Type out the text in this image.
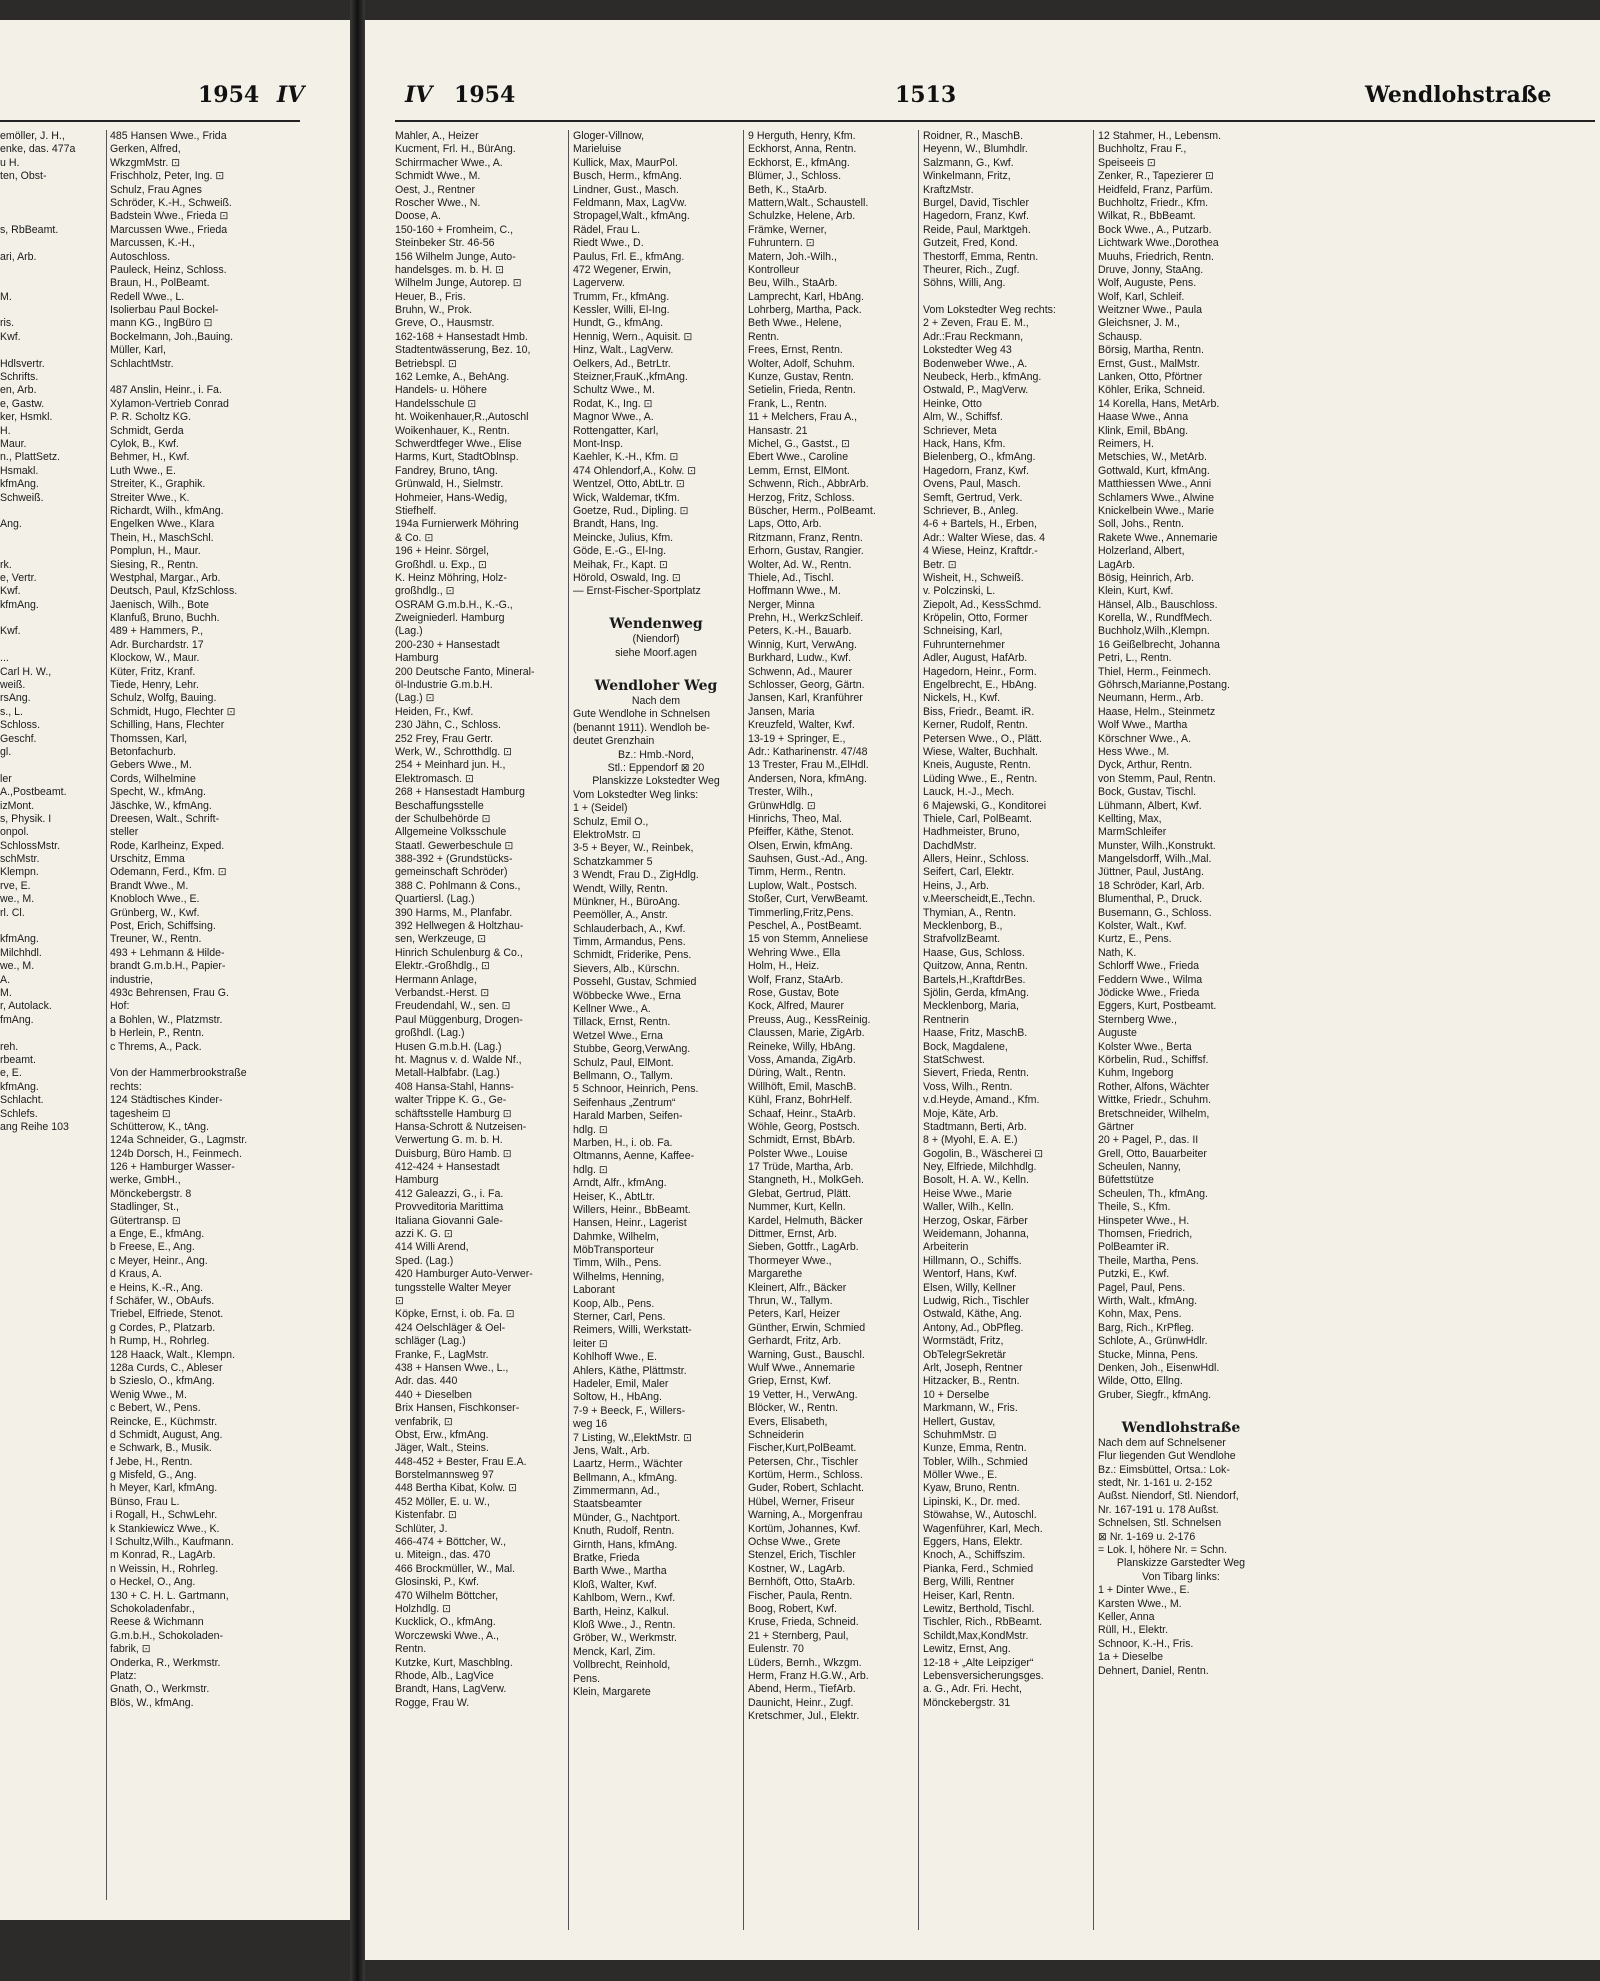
1954 IV
emöller, J. H.,
enke, das. 477a
u H.
ten, Obst-
s, RbBeamt.
ari, Arb.
M.
ris.
Kwf.
Hdlsvertr.
Schrifts.
en, Arb.
e, Gastw.
ker, Hsmkl.
H.
Maur.
n., PlattSetz.
Hsmakl.
kfmAng.
Schweiß.
Ang.
rk.
e, Vertr.
Kwf.
kfmAng.
Kwf.
...
Carl H. W.,
weiß.
rsAng.
s., L.
Schloss.
Geschf.
gl.
ler
A.,Postbeamt.
izMont.
s, Physik. I
onpol.
SchlossMstr.
schMstr.
Klempn.
rve, E.
we., M.
rl. Cl.
kfmAng.
Milchhdl.
we., M.
A.
M.
r, Autolack.
fmAng.
reh.
rbeamt.
e, E.
kfmAng.
Schlacht.
Schlefs.
ang Reihe 103
485 Hansen Wwe., Frida
Gerken, Alfred,
WkzgmMstr. ⊡
Frischholz, Peter, Ing. ⊡
Schulz, Frau Agnes
Schröder, K.-H., Schweiß.
Badstein Wwe., Frieda ⊡
Marcussen Wwe., Frieda
Marcussen, K.-H.,
Autoschloss.
Pauleck, Heinz, Schloss.
Braun, H., PolBeamt.
Redell Wwe., L.
Isolierbau Paul Bockel-
mann KG., IngBüro ⊡
Bockelmann, Joh.,Bauing.
Müller, Karl,
SchlachtMstr.
487 Anslin, Heinr., i. Fa.
Xylamon-Vertrieb Conrad
P. R. Scholtz KG.
Schmidt, Gerda
Cylok, B., Kwf.
Behmer, H., Kwf.
Luth Wwe., E.
Streiter, K., Graphik.
Streiter Wwe., K.
Richardt, Wilh., kfmAng.
Engelken Wwe., Klara
Thein, H., MaschSchl.
Pomplun, H., Maur.
Siesing, R., Rentn.
Westphal, Margar., Arb.
Deutsch, Paul, KfzSchloss.
Jaenisch, Wilh., Bote
Klanfuß, Bruno, Buchh.
489 + Hammers, P.,
Adr. Burchardstr. 17
Klockow, W., Maur.
Küter, Fritz, Kranf.
Tiede, Henry, Lehr.
Schulz, Wolfg, Bauing.
Schmidt, Hugo, Flechter ⊡
Schilling, Hans, Flechter
Thomssen, Karl,
Betonfachurb.
Gebers Wwe., M.
Cords, Wilhelmine
Specht, W., kfmAng.
Jäschke, W., kfmAng.
Dreesen, Walt., Schrift-
steller
Rode, Karlheinz, Exped.
Urschitz, Emma
Odemann, Ferd., Kfm. ⊡
Brandt Wwe., M.
Knobloch Wwe., E.
Grünberg, W., Kwf.
Post, Erich, Schiffsing.
Treuner, W., Rentn.
493 + Lehmann & Hilde-
brandt G.m.b.H., Papier-
industrie,
493c Behrensen, Frau G.
Hof:
a Bohlen, W., Platzmstr.
b Herlein, P., Rentn.
c Threms, A., Pack.
Von der Hammerbrookstraße
rechts:
124 Städtisches Kinder-
tagesheim ⊡
Schütterow, K., tAng.
124a Schneider, G., Lagmstr.
124b Dorsch, H., Feinmech.
126 + Hamburger Wasser-
werke, GmbH.,
Mönckebergstr. 8
Stadlinger, St.,
Gütertransp. ⊡
a Enge, E., kfmAng.
b Freese, E., Ang.
c Meyer, Heinr., Ang.
d Kraus, A.
e Heins, K.-R., Ang.
f Schäfer, W., ObAufs.
Triebel, Elfriede, Stenot.
g Cordes, P., Platzarb.
h Rump, H., Rohrleg.
128 Haack, Walt., Klempn.
128a Curds, C., Ableser
b Szieslo, O., kfmAng.
Wenig Wwe., M.
c Bebert, W., Pens.
Reincke, E., Küchmstr.
d Schmidt, August, Ang.
e Schwark, B., Musik.
f Jebe, H., Rentn.
g Misfeld, G., Ang.
h Meyer, Karl, kfmAng.
Bünso, Frau L.
i Rogall, H., SchwLehr.
k Stankiewicz Wwe., K.
l Schultz,Wilh., Kaufmann.
m Konrad, R., LagArb.
n Weissin, H., Rohrleg.
o Heckel, O., Ang.
130 + C. H. L. Gartmann,
Schokoladenfabr.,
Reese & Wichmann
G.m.b.H., Schokoladen-
fabrik, ⊡
Onderka, R., Werkmstr.
Platz:
Gnath, O., Werkmstr.
Blös, W., kfmAng.
IV 1954	1513	Wendlohstraße
Mahler, A., Heizer
Kucment, Frl. H., BürAng.
Schirrmacher Wwe., A.
Schmidt Wwe., M.
Oest, J., Rentner
Roscher Wwe., N.
Doose, A.
150-160 + Fromheim, C.,
Steinbeker Str. 46-56
156 Wilhelm Junge, Auto-
handelsges. m. b. H. ⊡
Wilhelm Junge, Autorep. ⊡
Heuer, B., Fris.
Bruhn, W., Prok.
Greve, O., Hausmstr.
162-168 + Hansestadt Hmb.
Stadtentwässerung, Bez. 10,
Betriebspl. ⊡
162 Lemke, A., BehAng.
Handels- u. Höhere
Handelsschule ⊡
ht. Woikenhauer,R.,Autoschl
Woikenhauer, K., Rentn.
Schwerdtfeger Wwe., Elise
Harms, Kurt, StadtOblnsp.
Fandrey, Bruno, tAng.
Grünwald, H., Sielmstr.
Hohmeier, Hans-Wedig,
Stiefhelf.
194a Furnierwerk Möhring
& Co. ⊡
196 + Heinr. Sörgel,
Großhdl. u. Exp., ⊡
K. Heinz Möhring, Holz-
großhdlg., ⊡
OSRAM G.m.b.H., K.-G.,
Zweigniederl. Hamburg
(Lag.)
200-230 + Hansestadt
Hamburg
200 Deutsche Fanto, Mineral-
öl-Industrie G.m.b.H.
(Lag.) ⊡
Heiden, Fr., Kwf.
230 Jähn, C., Schloss.
252 Frey, Frau Gertr.
Werk, W., Schrotthdlg. ⊡
254 + Meinhard jun. H.,
Elektromasch. ⊡
268 + Hansestadt Hamburg
Beschaffungsstelle
der Schulbehörde ⊡
Allgemeine Volksschule
Staatl. Gewerbeschule ⊡
388-392 + (Grundstücks-
gemeinschaft Schröder)
388 C. Pohlmann & Cons.,
Quartiersl. (Lag.)
390 Harms, M., Planfabr.
392 Hellwegen & Holtzhau-
sen, Werkzeuge, ⊡
Hinrich Schulenburg & Co.,
Elektr.-Großhdlg., ⊡
Hermann Anlage,
Verbandst.-Herst. ⊡
Freudendahl, W., sen. ⊡
Paul Müggenburg, Drogen-
großhdl. (Lag.)
Husen G.m.b.H. (Lag.)
ht. Magnus v. d. Walde Nf.,
Metall-Halbfabr. (Lag.)
408 Hansa-Stahl, Hanns-
walter Trippe K. G., Ge-
schäftsstelle Hamburg ⊡
Hansa-Schrott & Nutzeisen-
Verwertung G. m. b. H.
Duisburg, Büro Hamb. ⊡
412-424 + Hansestadt
Hamburg
412 Galeazzi, G., i. Fa.
Provveditoria Marittima
Italiana Giovanni Gale-
azzi K. G. ⊡
414 Willi Arend,
Sped. (Lag.)
420 Hamburger Auto-Verwer-
tungsstelle Walter Meyer
⊡
Köpke, Ernst, i. ob. Fa. ⊡
424 Oelschläger & Oel-
schläger (Lag.)
Franke, F., LagMstr.
438 + Hansen Wwe., L.,
Adr. das. 440
440 + Dieselben
Brix Hansen, Fischkonser-
venfabrik, ⊡
Obst, Erw., kfmAng.
Jäger, Walt., Steins.
448-452 + Bester, Frau E.A.
Borstelmannsweg 97
448 Bertha Kibat, Kolw. ⊡
452 Möller, E. u. W.,
Kistenfabr. ⊡
Schlüter, J.
466-474 + Böttcher, W.,
u. Miteign., das. 470
466 Brockmüller, W., Mal.
Glosinski, P., Kwf.
470 Wilhelm Böttcher,
Holzhdlg. ⊡
Kucklick, O., kfmAng.
Worczewski Wwe., A.,
Rentn.
Kutzke, Kurt, Maschblng.
Rhode, Alb., LagVice
Brandt, Hans, LagVerw.
Rogge, Frau W.
Gloger-Villnow,
Marieluise
Kullick, Max, MaurPol.
Busch, Herm., kfmAng.
Lindner, Gust., Masch.
Feldmann, Max, LagVw.
Stropagel,Walt., kfmAng.
Rädel, Frau L.
Riedt Wwe., D.
Paulus, Frl. E., kfmAng.
472 Wegener, Erwin,
Lagerverw.
Trumm, Fr., kfmAng.
Kessler, Willi, El-Ing.
Hundt, G., kfmAng.
Hennig, Wern., Aquisit. ⊡
Hinz, Walt., LagVerw.
Oelkers, Ad., BetrLtr.
Steizner,FrauK.,kfmAng.
Schultz Wwe., M.
Rodat, K., Ing. ⊡
Magnor Wwe., A.
Rottengatter, Karl,
Mont-Insp.
Kaehler, K.-H., Kfm. ⊡
474 Ohlendorf,A., Kolw. ⊡
Wentzel, Otto, AbtLtr. ⊡
Wick, Waldemar, tKfm.
Goetze, Rud., Dipling. ⊡
Brandt, Hans, Ing.
Meincke, Julius, Kfm.
Göde, E.-G., El-Ing.
Meihak, Fr., Kapt. ⊡
Hörold, Oswald, Ing. ⊡
— Ernst-Fischer-Sportplatz
Wendenweg
(Niendorf)
siehe Moorf.agen
Wendloher Weg
Nach dem
Gute Wendlohe in Schnelsen
(benannt 1911). Wendloh be-
deutet Grenzhain
Bz.: Hmb.-Nord,
Stl.: Eppendorf ⊠ 20
Planskizze Lokstedter Weg
Vom Lokstedter Weg links:
1 + (Seidel)
Schulz, Emil O.,
ElektroMstr. ⊡
3-5 + Beyer, W., Reinbek,
Schatzkammer 5
3 Wendt, Frau D., ZigHdlg.
Wendt, Willy, Rentn.
Münkner, H., BüroAng.
Peemöller, A., Anstr.
Schlauderbach, A., Kwf.
Timm, Armandus, Pens.
Schmidt, Friderike, Pens.
Sievers, Alb., Kürschn.
Possehl, Gustav, Schmied
Wöbbecke Wwe., Erna
Kellner Wwe., A.
Tillack, Ernst, Rentn.
Wetzel Wwe., Erna
Stubbe, Georg,VerwAng.
Schulz, Paul, ElMont.
Bellmann, O., Tallym.
5 Schnoor, Heinrich, Pens.
Seifenhaus „Zentrum“
Harald Marben, Seifen-
hdlg. ⊡
Marben, H., i. ob. Fa.
Oltmanns, Aenne, Kaffee-
hdlg. ⊡
Arndt, Alfr., kfmAng.
Heiser, K., AbtLtr.
Willers, Heinr., BbBeamt.
Hansen, Heinr., Lagerist
Dahmke, Wilhelm,
MöbTransporteur
Timm, Wilh., Pens.
Wilhelms, Henning,
Laborant
Koop, Alb., Pens.
Sterner, Carl, Pens.
Reimers, Willi, Werkstatt-
leiter ⊡
Kohlhoff Wwe., E.
Ahlers, Käthe, Plättmstr.
Hadeler, Emil, Maler
Soltow, H., HbAng.
7-9 + Beeck, F., Willers-
weg 16
7 Listing, W.,ElektMstr. ⊡
Jens, Walt., Arb.
Laartz, Herm., Wächter
Bellmann, A., kfmAng.
Zimmermann, Ad.,
Staatsbeamter
Münder, G., Nachtport.
Knuth, Rudolf, Rentn.
Girnth, Hans, kfmAng.
Bratke, Frieda
Barth Wwe., Martha
Kloß, Walter, Kwf.
Kahlbom, Wern., Kwf.
Barth, Heinz, Kalkul.
Kloß Wwe., J., Rentn.
Gröber, W., Werkmstr.
Menck, Karl, Zim.
Vollbrecht, Reinhold,
Pens.
Klein, Margarete
9 Herguth, Henry, Kfm.
Eckhorst, Anna, Rentn.
Eckhorst, E., kfmAng.
Blümer, J., Schloss.
Beth, K., StaArb.
Mattern,Walt., Schaustell.
Schulzke, Helene, Arb.
Främke, Werner,
Fuhruntern. ⊡
Matern, Joh.-Wilh.,
Kontrolleur
Beu, Wilh., StaArb.
Lamprecht, Karl, HbAng.
Lohrberg, Martha, Pack.
Beth Wwe., Helene,
Rentn.
Frees, Ernst, Rentn.
Wolter, Adolf, Schuhm.
Kunze, Gustav, Rentn.
Setielin, Frieda, Rentn.
Frank, L., Rentn.
11 + Melchers, Frau A.,
Hansastr. 21
Michel, G., Gastst., ⊡
Ebert Wwe., Caroline
Lemm, Ernst, ElMont.
Schwenn, Rich., AbbrArb.
Herzog, Fritz, Schloss.
Büscher, Herm., PolBeamt.
Laps, Otto, Arb.
Ritzmann, Franz, Rentn.
Erhorn, Gustav, Rangier.
Wolter, Ad. W., Rentn.
Thiele, Ad., Tischl.
Hoffmann Wwe., M.
Nerger, Minna
Prehn, H., WerkzSchleif.
Peters, K.-H., Bauarb.
Winnig, Kurt, VerwAng.
Burkhard, Ludw., Kwf.
Schwenn, Ad., Maurer
Schlosser, Georg, Gärtn.
Jansen, Karl, Kranführer
Jansen, Maria
Kreuzfeld, Walter, Kwf.
13-19 + Springer, E.,
Adr.: Katharinenstr. 47/48
13 Trester, Frau M.,ElHdl.
Andersen, Nora, kfmAng.
Trester, Wilh.,
GrünwHdlg. ⊡
Hinrichs, Theo, Mal.
Pfeiffer, Käthe, Stenot.
Olsen, Erwin, kfmAng.
Sauhsen, Gust.-Ad., Ang.
Timm, Herm., Rentn.
Luplow, Walt., Postsch.
Stoßer, Curt, VerwBeamt.
Timmerling,Fritz,Pens.
Peschel, A., PostBeamt.
15 von Stemm, Anneliese
Wehring Wwe., Ella
Holm, H., Heiz.
Wolf, Franz, StaArb.
Rose, Gustav, Bote
Kock, Alfred, Maurer
Preuss, Aug., KessReinig.
Claussen, Marie, ZigArb.
Reineke, Willy, HbAng.
Voss, Amanda, ZigArb.
Düring, Walt., Rentn.
Willhöft, Emil, MaschB.
Kühl, Franz, BohrHelf.
Schaaf, Heinr., StaArb.
Wöhle, Georg, Postsch.
Schmidt, Ernst, BbArb.
Polster Wwe., Louise
17 Trüde, Martha, Arb.
Stangneth, H., MolkGeh.
Glebat, Gertrud, Plätt.
Nummer, Kurt, Kelln.
Kardel, Helmuth, Bäcker
Dittmer, Ernst, Arb.
Sieben, Gottfr., LagArb.
Thormeyer Wwe.,
Margarethe
Kleinert, Alfr., Bäcker
Thrun, W., Tallym.
Peters, Karl, Heizer
Günther, Erwin, Schmied
Gerhardt, Fritz, Arb.
Warning, Gust., Bauschl.
Wulf Wwe., Annemarie
Griep, Ernst, Kwf.
19 Vetter, H., VerwAng.
Blöcker, W., Rentn.
Evers, Elisabeth,
Schneiderin
Fischer,Kurt,PolBeamt.
Petersen, Chr., Tischler
Kortüm, Herm., Schloss.
Guder, Robert, Schlacht.
Hübel, Werner, Friseur
Warning, A., Morgenfrau
Kortüm, Johannes, Kwf.
Ochse Wwe., Grete
Stenzel, Erich, Tischler
Kostner, W., LagArb.
Bernhöft, Otto, StaArb.
Fischer, Paula, Rentn.
Boog, Robert, Kwf.
Kruse, Frieda, Schneid.
21 + Sternberg, Paul,
Eulenstr. 70
Lüders, Bernh., Wkzgm.
Herm, Franz H.G.W., Arb.
Abend, Herm., TiefArb.
Daunicht, Heinr., Zugf.
Kretschmer, Jul., Elektr.
Roidner, R., MaschB.
Heyenn, W., Blumhdlr.
Salzmann, G., Kwf.
Winkelmann, Fritz,
KraftzMstr.
Burgel, David, Tischler
Hagedorn, Franz, Kwf.
Reide, Paul, Marktgeh.
Gutzeit, Fred, Kond.
Thestorff, Emma, Rentn.
Theurer, Rich., Zugf.
Söhns, Willi, Ang.
Vom Lokstedter Weg rechts:
2 + Zeven, Frau E. M.,
Adr.:Frau Reckmann,
Lokstedter Weg 43
Bodenweber Wwe., A.
Neubeck, Herb., kfmAng.
Ostwald, P., MagVerw.
Heinke, Otto
Alm, W., Schiffsf.
Schriever, Meta
Hack, Hans, Kfm.
Bielenberg, O., kfmAng.
Hagedorn, Franz, Kwf.
Ovens, Paul, Masch.
Semft, Gertrud, Verk.
Schriever, B., Anleg.
4-6 + Bartels, H., Erben,
Adr.: Walter Wiese, das. 4
4 Wiese, Heinz, Kraftdr.-
Betr. ⊡
Wisheit, H., Schweiß.
v. Polczinski, L.
Ziepolt, Ad., KessSchmd.
Kröpelin, Otto, Former
Schneising, Karl,
Fuhrunternehmer
Adler, August, HafArb.
Hagedorn, Heinr., Form.
Engelbrecht, E., HbAng.
Nickels, H., Kwf.
Biss, Friedr., Beamt. iR.
Kerner, Rudolf, Rentn.
Petersen Wwe., O., Plätt.
Wiese, Walter, Buchhalt.
Kneis, Auguste, Rentn.
Lüding Wwe., E., Rentn.
Lauck, H.-J., Mech.
6 Majewski, G., Konditorei
Thiele, Carl, PolBeamt.
Hadhmeister, Bruno,
DachdMstr.
Allers, Heinr., Schloss.
Seifert, Carl, Elektr.
Heins, J., Arb.
v.Meerscheidt,E.,Techn.
Thymian, A., Rentn.
Mecklenborg, B.,
StrafvollzBeamt.
Haase, Gus, Schloss.
Quitzow, Anna, Rentn.
Bartels,H.,KraftdrBes.
Sjölin, Gerda, kfmAng.
Mecklenborg, Maria,
Rentnerin
Haase, Fritz, MaschB.
Bock, Magdalene,
StatSchwest.
Sievert, Frieda, Rentn.
Voss, Wilh., Rentn.
v.d.Heyde, Amand., Kfm.
Moje, Käte, Arb.
Stadtmann, Berti, Arb.
8 + (Myohl, E. A. E.)
Gogolin, B., Wäscherei ⊡
Ney, Elfriede, Milchhdlg.
Bosolt, H. A. W., Kelln.
Heise Wwe., Marie
Waller, Wilh., Kelln.
Herzog, Oskar, Färber
Weidemann, Johanna,
Arbeiterin
Hillmann, O., Schiffs.
Wentorf, Hans, Kwf.
Elsen, Willy, Kellner
Ludwig, Rich., Tischler
Ostwald, Käthe, Ang.
Antony, Ad., ObPfleg.
Wormstädt, Fritz,
ObTelegrSekretär
Arlt, Joseph, Rentner
Hitzacker, B., Rentn.
10 + Derselbe
Markmann, W., Fris.
Hellert, Gustav,
SchuhmMstr. ⊡
Kunze, Emma, Rentn.
Tobler, Wilh., Schmied
Möller Wwe., E.
Kyaw, Bruno, Rentn.
Lipinski, K., Dr. med.
Stöwahse, W., Autoschl.
Wagenführer, Karl, Mech.
Eggers, Hans, Elektr.
Knoch, A., Schiffszim.
Pianka, Ferd., Schmied
Berg, Willi, Rentner
Heiser, Karl, Rentn.
Lewitz, Berthold, Tischl.
Tischler, Rich., RbBeamt.
Schildt,Max,KondMstr.
Lewitz, Ernst, Ang.
12-18 + „Alte Leipziger“
Lebensversicherungsges.
a. G., Adr. Fri. Hecht,
Mönckebergstr. 31
12 Stahmer, H., Lebensm.
Buchholtz, Frau F.,
Speiseeis ⊡
Zenker, R., Tapezierer ⊡
Heidfeld, Franz, Parfüm.
Buchholtz, Friedr., Kfm.
Wilkat, R., BbBeamt.
Bock Wwe., A., Putzarb.
Lichtwark Wwe.,Dorothea
Muuhs, Friedrich, Rentn.
Druve, Jonny, StaAng.
Wolf, Auguste, Pens.
Wolf, Karl, Schleif.
Weitzner Wwe., Paula
Gleichsner, J. M.,
Schausp.
Börsig, Martha, Rentn.
Ernst, Gust., MalMstr.
Lanken, Otto, Pförtner
Köhler, Erika, Schneid.
14 Korella, Hans, MetArb.
Haase Wwe., Anna
Klink, Emil, BbAng.
Reimers, H.
Metschies, W., MetArb.
Gottwald, Kurt, kfmAng.
Matthiessen Wwe., Anni
Schlamers Wwe., Alwine
Knickelbein Wwe., Marie
Soll, Johs., Rentn.
Rakete Wwe., Annemarie
Holzerland, Albert,
LagArb.
Bösig, Heinrich, Arb.
Klein, Kurt, Kwf.
Hänsel, Alb., Bauschloss.
Korella, W., RundfMech.
Buchholz,Wilh.,Klempn.
16 Geißelbrecht, Johanna
Petri, L., Rentn.
Thiel, Herm., Feinmech.
Göhrsch,Marianne,Postang.
Neumann, Herm., Arb.
Haase, Helm., Steinmetz
Wolf Wwe., Martha
Körschner Wwe., A.
Hess Wwe., M.
Dyck, Arthur, Rentn.
von Stemm, Paul, Rentn.
Bock, Gustav, Tischl.
Lühmann, Albert, Kwf.
Kellting, Max,
MarmSchleifer
Munster, Wilh.,Konstrukt.
Mangelsdorff, Wilh.,Mal.
Jüttner, Paul, JustAng.
18 Schröder, Karl, Arb.
Blumenthal, P., Druck.
Busemann, G., Schloss.
Kolster, Walt., Kwf.
Kurtz, E., Pens.
Nath, K.
Schlorff Wwe., Frieda
Feddern Wwe., Wilma
Jödicke Wwe., Frieda
Eggers, Kurt, Postbeamt.
Sternberg Wwe.,
Auguste
Kolster Wwe., Berta
Körbelin, Rud., Schiffsf.
Kuhm, Ingeborg
Rother, Alfons, Wächter
Wittke, Friedr., Schuhm.
Bretschneider, Wilhelm,
Gärtner
20 + Pagel, P., das. II
Grell, Otto, Bauarbeiter
Scheulen, Nanny,
Büfettstütze
Scheulen, Th., kfmAng.
Theile, S., Kfm.
Hinspeter Wwe., H.
Thomsen, Friedrich,
PolBeamter iR.
Theile, Martha, Pens.
Putzki, E., Kwf.
Pagel, Paul, Pens.
Wirth, Walt., kfmAng.
Kohn, Max, Pens.
Barg, Rich., KrPfleg.
Schlote, A., GrünwHdlr.
Stucke, Minna, Pens.
Denken, Joh., EisenwHdl.
Wilde, Otto, Ellng.
Gruber, Siegfr., kfmAng.
Wendlohstraße
Nach dem auf Schnelsener
Flur liegenden Gut Wendlohe
Bz.: Eimsbüttel, Ortsa.: Lok-
stedt, Nr. 1-161 u. 2-152
Außst. Niendorf, Stl. Niendorf,
Nr. 167-191 u. 178 Außst.
Schnelsen, Stl. Schnelsen
⊠ Nr. 1-169 u. 2-176
= Lok. l, höhere Nr. = Schn.
Planskizze Garstedter Weg
Von Tibarg links:
1 + Dinter Wwe., E.
Karsten Wwe., M.
Keller, Anna
Rüll, H., Elektr.
Schnoor, K.-H., Fris.
1a + Dieselbe
Dehnert, Daniel, Rentn.
